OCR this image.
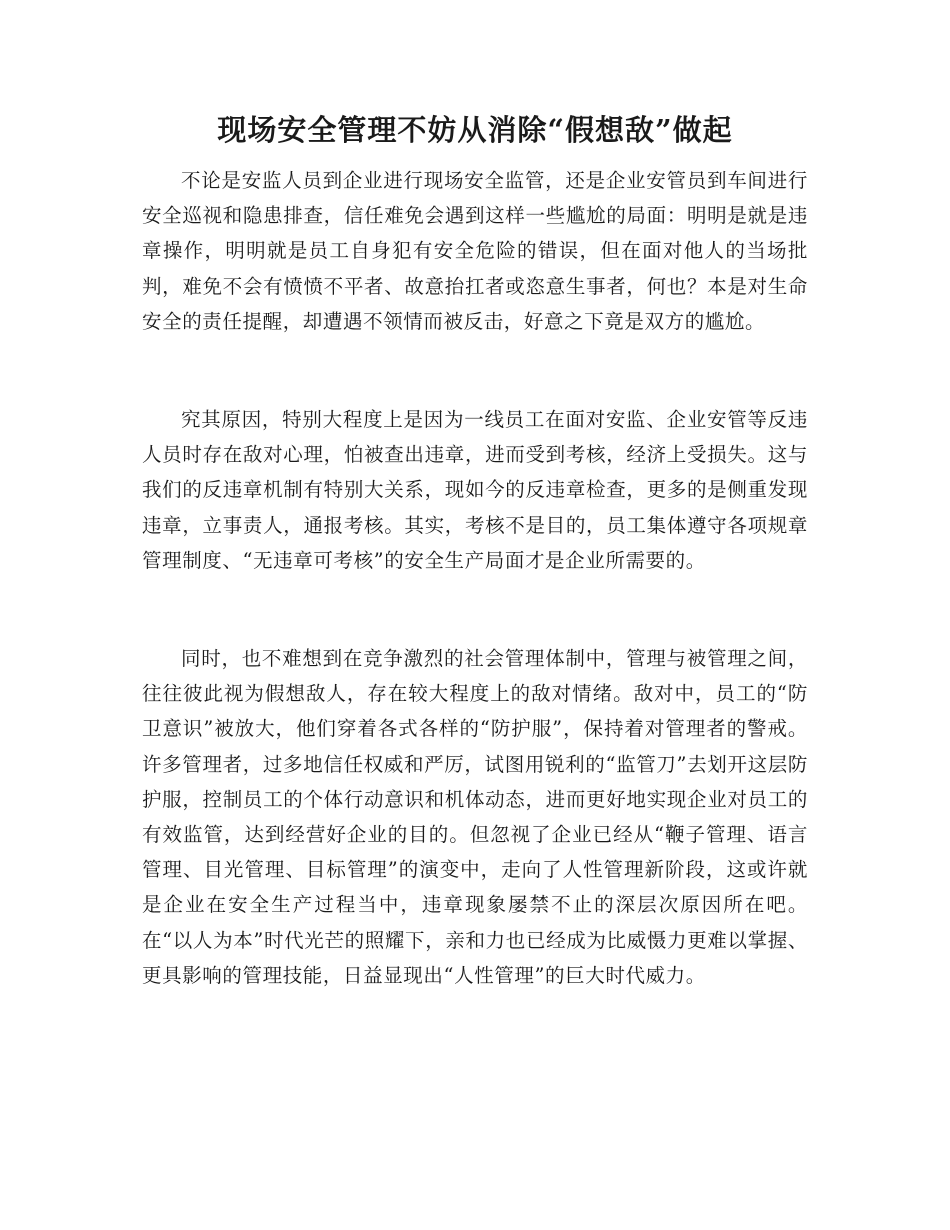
现场安全管理不妨从消除“假想敌”做起

不论是安监人员到企业进行现场安全监管，还是企业安管员到车间进行安全巡视和隐患排查，信任难免会遇到这样一些尴尬的局面：明明是就是违章操作，明明就是员工自身犯有安全危险的错误，但在面对他人的当场批判，难免不会有愤愤不平者、故意抬扛者或恣意生事者，何也？本是对生命安全的责任提醒，却遭遇不领情而被反击，好意之下竟是双方的尴尬。

究其原因，特别大程度上是因为一线员工在面对安监、企业安管等反违人员时存在敌对心理，怕被查出违章，进而受到考核，经济上受损失。这与我们的反违章机制有特别大关系，现如今的反违章检查，更多的是侧重发现违章，立事责人，通报考核。其实，考核不是目的，员工集体遵守各项规章管理制度、“无违章可考核”的安全生产局面才是企业所需要的。

同时，也不难想到在竞争激烈的社会管理体制中，管理与被管理之间，往往彼此视为假想敌人，存在较大程度上的敌对情绪。敌对中，员工的“防卫意识”被放大，他们穿着各式各样的“防护服”，保持着对管理者的警戒。许多管理者，过多地信任权威和严厉，试图用锐利的“监管刀”去划开这层防护服，控制员工的个体行动意识和机体动态，进而更好地实现企业对员工的有效监管，达到经营好企业的目的。但忽视了企业已经从“鞭子管理、语言管理、目光管理、目标管理”的演变中，走向了人性管理新阶段，这或许就是企业在安全生产过程当中，违章现象屡禁不止的深层次原因所在吧。在“以人为本”时代光芒的照耀下，亲和力也已经成为比威慑力更难以掌握、更具影响的管理技能，日益显现出“人性管理”的巨大时代威力。
